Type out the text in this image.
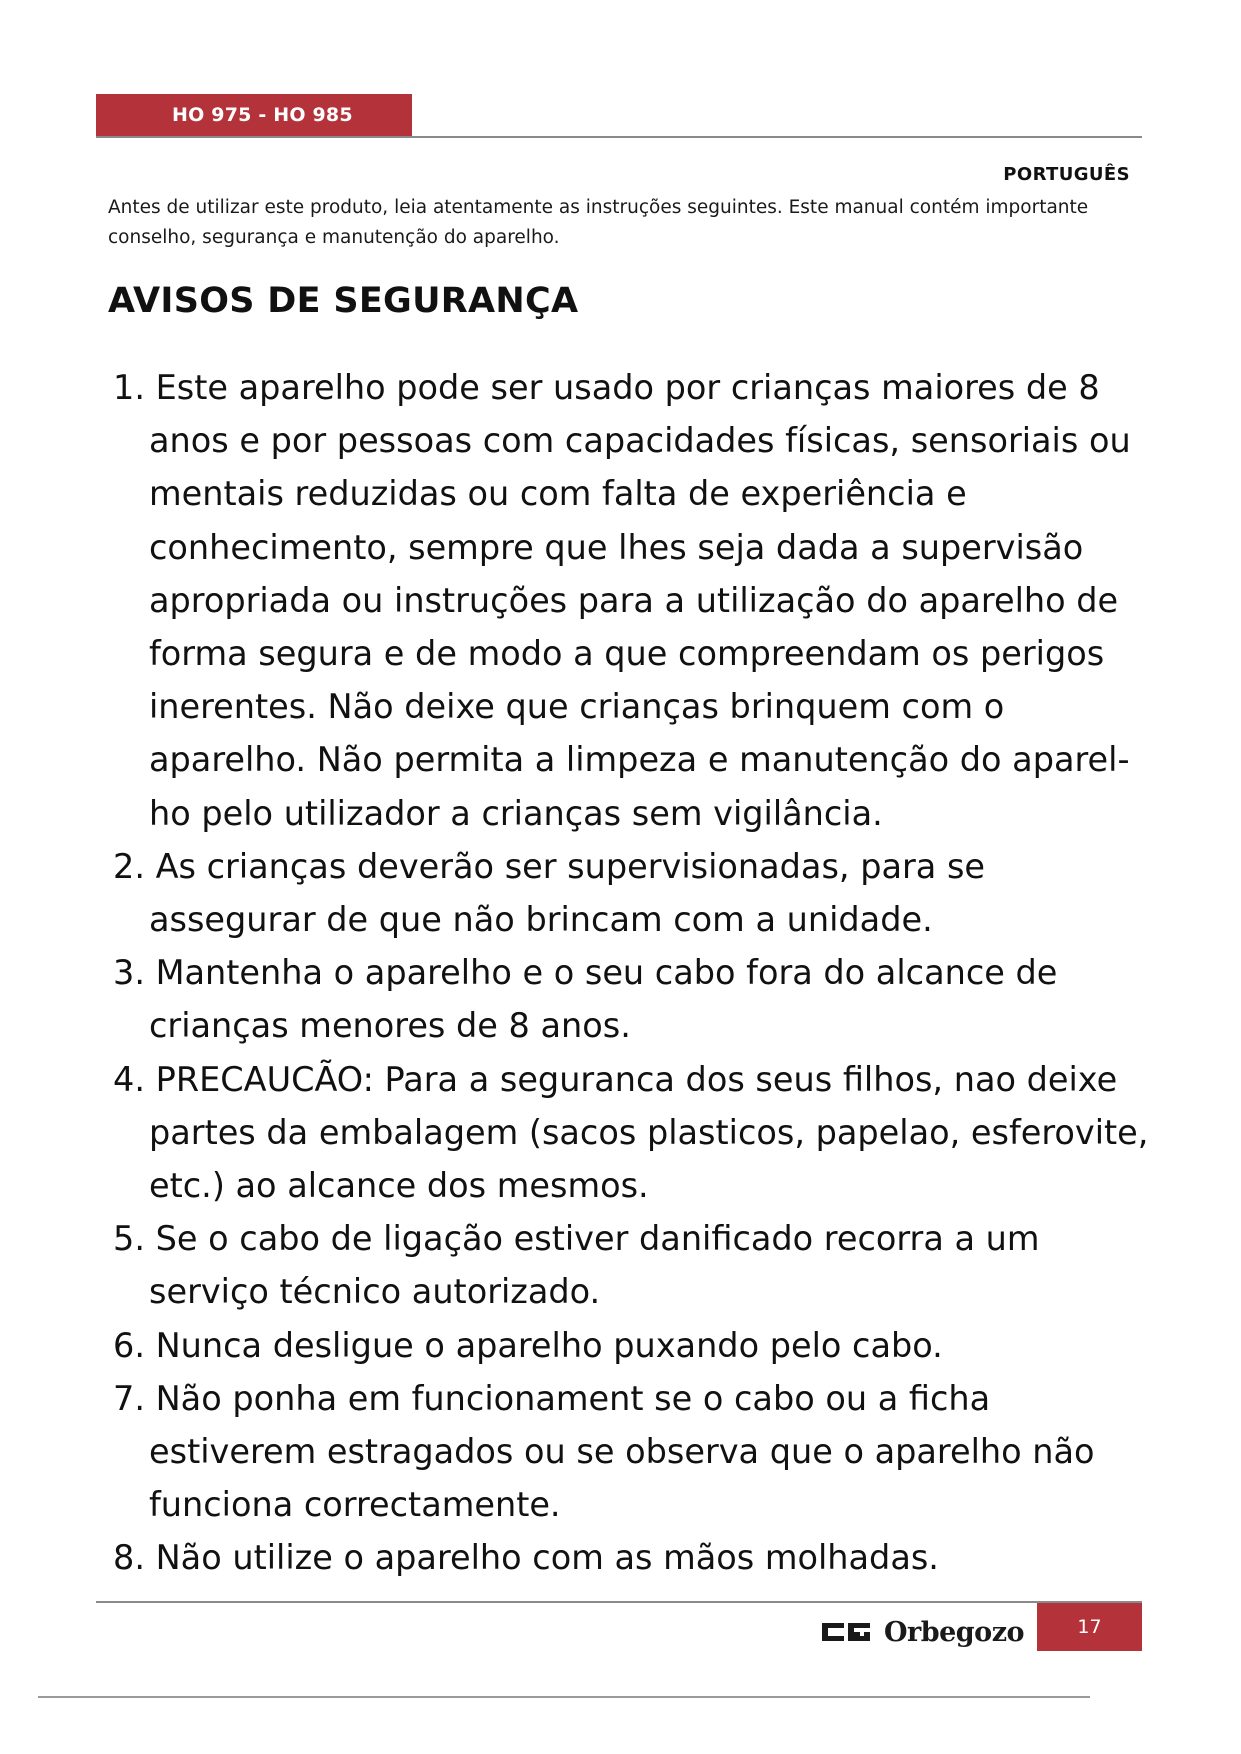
HO 975 - HO 985
PORTUGUÊS
Antes de utilizar este produto, leia atentamente as instruções seguintes. Este manual contém importante conselho, segurança e manutenção do aparelho.
AVISOS DE SEGURANÇA
1. Este aparelho pode ser usado por crianças maiores de 8 anos e por pessoas com capacidades físicas, sensoriais ou mentais reduzidas ou com falta de experiência e conhecimento, sempre que lhes seja dada a supervisão apropriada ou instruções para a utilização do aparelho de forma segura e de modo a que compreendam os perigos inerentes. Não deixe que crianças brinquem com o aparelho. Não permita a limpeza e manutenção do aparel-ho pelo utilizador a crianças sem vigilância.
2. As crianças deverão ser supervisionadas, para se assegurar de que não brincam com a unidade.
3. Mantenha o aparelho e o seu cabo fora do alcance de crianças menores de 8 anos.
4. PRECAUCÃO: Para a seguranca dos seus filhos, nao deixe partes da embalagem (sacos plasticos, papelao, esferovite, etc.) ao alcance dos mesmos.
5. Se o cabo de ligação estiver danificado recorra a um serviço técnico autorizado.
6. Nunca desligue o aparelho puxando pelo cabo.
7. Não ponha em funcionament se o cabo ou a ficha estiverem estragados ou se observa que o aparelho não funciona correctamente.
8. Não utilize o aparelho com as mãos molhadas.
Orbegozo	17
